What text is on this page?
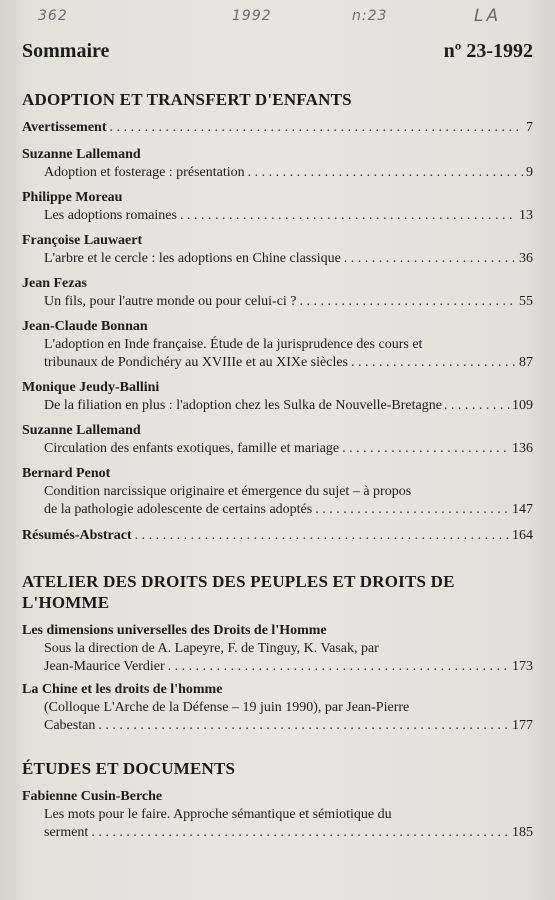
362	1992	n:23	LA
Sommaire	nº 23-1992
ADOPTION ET TRANSFERT D'ENFANTS
Avertissement . . .	7
Suzanne Lallemand
Adoption et fosterage : présentation . . .	9
Philippe Moreau
Les adoptions romaines . . .	13
Françoise Lauwaert
L'arbre et le cercle : les adoptions en Chine classique . . .	36
Jean Fezas
Un fils, pour l'autre monde ou pour celui-ci ? . . .	55
Jean-Claude Bonnan
L'adoption en Inde française. Étude de la jurisprudence des cours et
tribunaux de Pondichéry au XVIIIe et au XIXe siècles . . .	87
Monique Jeudy-Ballini
De la filiation en plus : l'adoption chez les Sulka de Nouvelle-Bretagne . . .	109
Suzanne Lallemand
Circulation des enfants exotiques, famille et mariage . . .	136
Bernard Penot
Condition narcissique originaire et émergence du sujet – à propos
de la pathologie adolescente de certains adoptés . . .	147
Résumés-Abstract . . .	164
ATELIER DES DROITS DES PEUPLES ET DROITS DE
L'HOMME
Les dimensions universelles des Droits de l'Homme
Sous la direction de A. Lapeyre, F. de Tinguy, K. Vasak, par
Jean-Maurice Verdier . . .	173
La Chine et les droits de l'homme
(Colloque L'Arche de la Défense – 19 juin 1990), par Jean-Pierre
Cabestan . . .	177
ÉTUDES ET DOCUMENTS
Fabienne Cusin-Berche
Les mots pour le faire. Approche sémantique et sémiotique du
serment . . .	185
